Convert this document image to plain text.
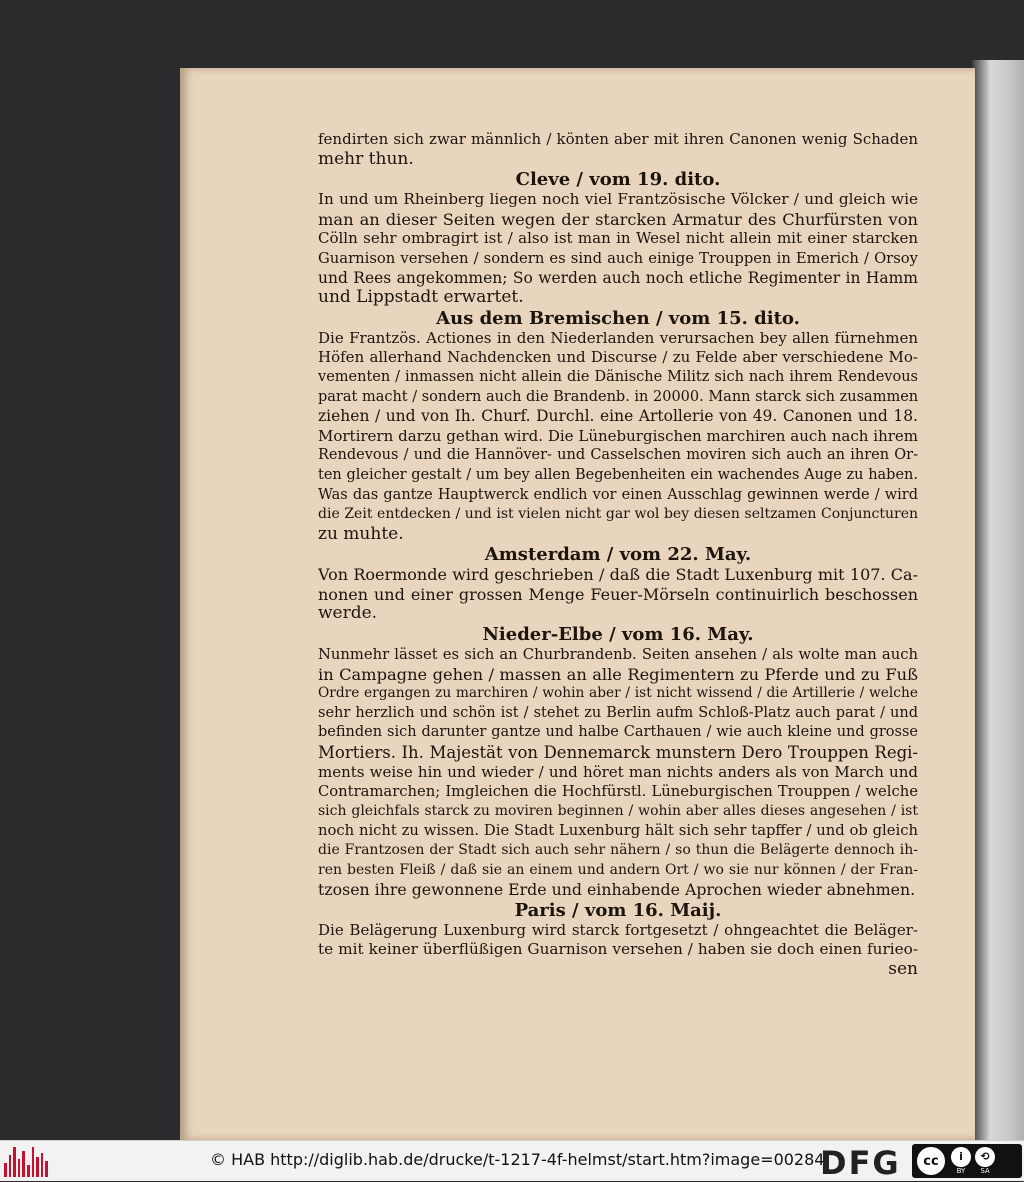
fendirten sich zwar männlich / könten aber mit ihren Canonen wenig Schaden
mehr thun.
Cleve / vom 19. dito.
In und um Rheinberg liegen noch viel Frantzösische Völcker / und gleich wie
man an dieser Seiten wegen der starcken Armatur des Churfürsten von
Cölln sehr ombragirt ist / also ist man in Wesel nicht allein mit einer starcken
Guarnison versehen / sondern es sind auch einige Trouppen in Emerich / Orsoy
und Rees angekommen; So werden auch noch etliche Regimenter in Hamm
und Lippstadt erwartet.
Aus dem Bremischen / vom 15. dito.
Die Frantzös. Actiones in den Niederlanden verursachen bey allen fürnehmen
Höfen allerhand Nachdencken und Discurse / zu Felde aber verschiedene Mo-
vementen / inmassen nicht allein die Dänische Militz sich nach ihrem Rendevous
parat macht / sondern auch die Brandenb. in 20000. Mann starck sich zusammen
ziehen / und von Ih. Churf. Durchl. eine Artollerie von 49. Canonen und 18.
Mortirern darzu gethan wird. Die Lüneburgischen marchiren auch nach ihrem
Rendevous / und die Hannöver- und Casselschen moviren sich auch an ihren Or-
ten gleicher gestalt / um bey allen Begebenheiten ein wachendes Auge zu haben.
Was das gantze Hauptwerck endlich vor einen Ausschlag gewinnen werde / wird
die Zeit entdecken / und ist vielen nicht gar wol bey diesen seltzamen Conjuncturen
zu muhte.
Amsterdam / vom 22. May.
Von Roermonde wird geschrieben / daß die Stadt Luxenburg mit 107. Ca-
nonen und einer grossen Menge Feuer-Mörseln continuirlich beschossen
werde.
Nieder-Elbe / vom 16. May.
Nunmehr lässet es sich an Churbrandenb. Seiten ansehen / als wolte man auch
in Campagne gehen / massen an alle Regimentern zu Pferde und zu Fuß
Ordre ergangen zu marchiren / wohin aber / ist nicht wissend / die Artillerie / welche
sehr herzlich und schön ist / stehet zu Berlin aufm Schloß-Platz auch parat / und
befinden sich darunter gantze und halbe Carthauen / wie auch kleine und grosse
Mortiers. Ih. Majestät von Dennemarck munstern Dero Trouppen Regi-
ments weise hin und wieder / und höret man nichts anders als von March und
Contramarchen; Imgleichen die Hochfürstl. Lüneburgischen Trouppen / welche
sich gleichfals starck zu moviren beginnen / wohin aber alles dieses angesehen / ist
noch nicht zu wissen. Die Stadt Luxenburg hält sich sehr tapffer / und ob gleich
die Frantzosen der Stadt sich auch sehr nähern / so thun die Belägerte dennoch ih-
ren besten Fleiß / daß sie an einem und andern Ort / wo sie nur können / der Fran-
tzosen ihre gewonnene Erde und einhabende Aprochen wieder abnehmen.
Paris / vom 16. Maij.
Die Belägerung Luxenburg wird starck fortgesetzt / ohngeachtet die Beläger-
te mit keiner überflüßigen Guarnison versehen / haben sie doch einen furieo-
sen
© HAB http://diglib.hab.de/drucke/t-1217-4f-helmst/start.htm?image=00284
DFG	cc	i
BY
⟲
SA
